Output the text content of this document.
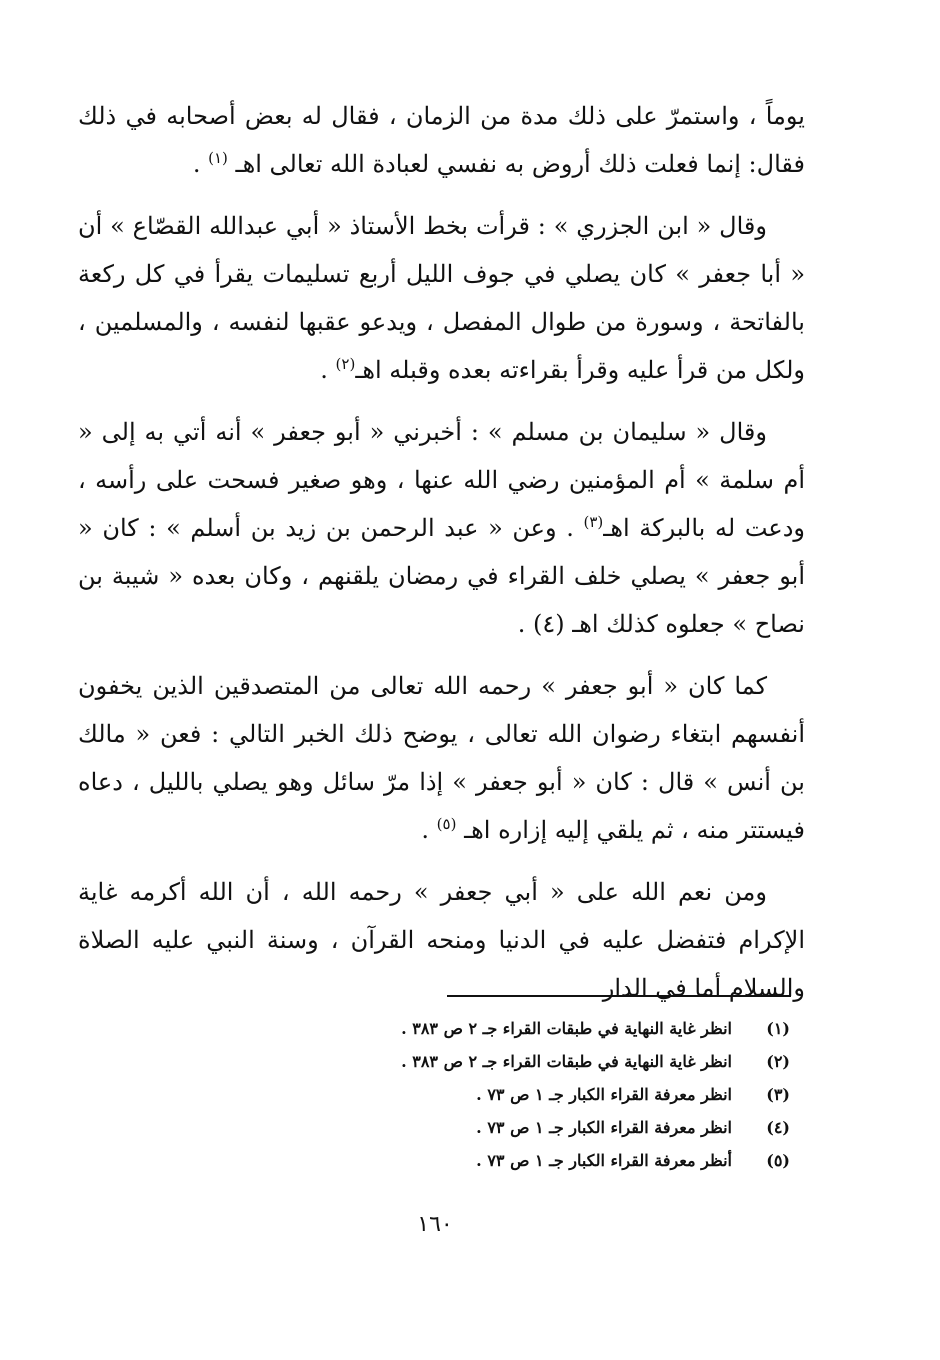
يوماً ، واستمرّ على ذلك مدة من الزمان ، فقال له بعض أصحابه في ذلك فقال: إنما فعلت ذلك أروض به نفسي لعبادة الله تعالى اهـ $^{(١)}$ .

وقال « ابن الجزري » : قرأت بخط الأستاذ « أبي عبدالله القصّاع » أن « أبا جعفر » كان يصلي في جوف الليل أربع تسليمات يقرأ في كل ركعة بالفاتحة ، وسورة من طوال المفصل ، ويدعو عقبها لنفسه ، والمسلمين ، ولكل من قرأ عليه وقرأ بقراءته بعده وقبله اهـ$^{(٢)}$ .

وقال « سليمان بن مسلم » : أخبرني « أبو جعفر » أنه أتي به إلى « أم سلمة » أم المؤمنين رضي الله عنها ، وهو صغير فسحت على رأسه ، ودعت له بالبركة اهـ$^{(٣)}$ . وعن « عبد الرحمن بن زيد بن أسلم » : كان « أبو جعفر » يصلي خلف القراء في رمضان يلقنهم ، وكان بعده « شيبة بن نصاح » جعلوه كذلك اهـ (٤) .

كما كان « أبو جعفر » رحمه الله تعالى من المتصدقين الذين يخفون أنفسهم ابتغاء رضوان الله تعالى ، يوضح ذلك الخبر التالي : فعن « مالك بن أنس » قال : كان « أبو جعفر » إذا مرّ سائل وهو يصلي بالليل ، دعاه فيستتر منه ، ثم يلقي إليه إزاره اهـ $^{(٥)}$ .

ومن نعم الله على « أبي جعفر » رحمه الله ، أن الله أكرمه غاية الإكرام فتفضل عليه في الدنيا ومنحه القرآن ، وسنة النبي عليه الصلاة والسلام أما في الدار

(١)
انظر غاية النهاية في طبقات القراء جـ ٢ ص ٣٨٣ .
(٢)
انظر غاية النهاية في طبقات القراء جـ ٢ ص ٣٨٣ .
(٣)
انظر معرفة القراء الكبار جـ ١ ص ٧٣ .
(٤)
انظر معرفة القراء الكبار جـ ١ ص ٧٣ .
(٥)
أنظر معرفة القراء الكبار جـ ١ ص ٧٣ .
١٦٠
